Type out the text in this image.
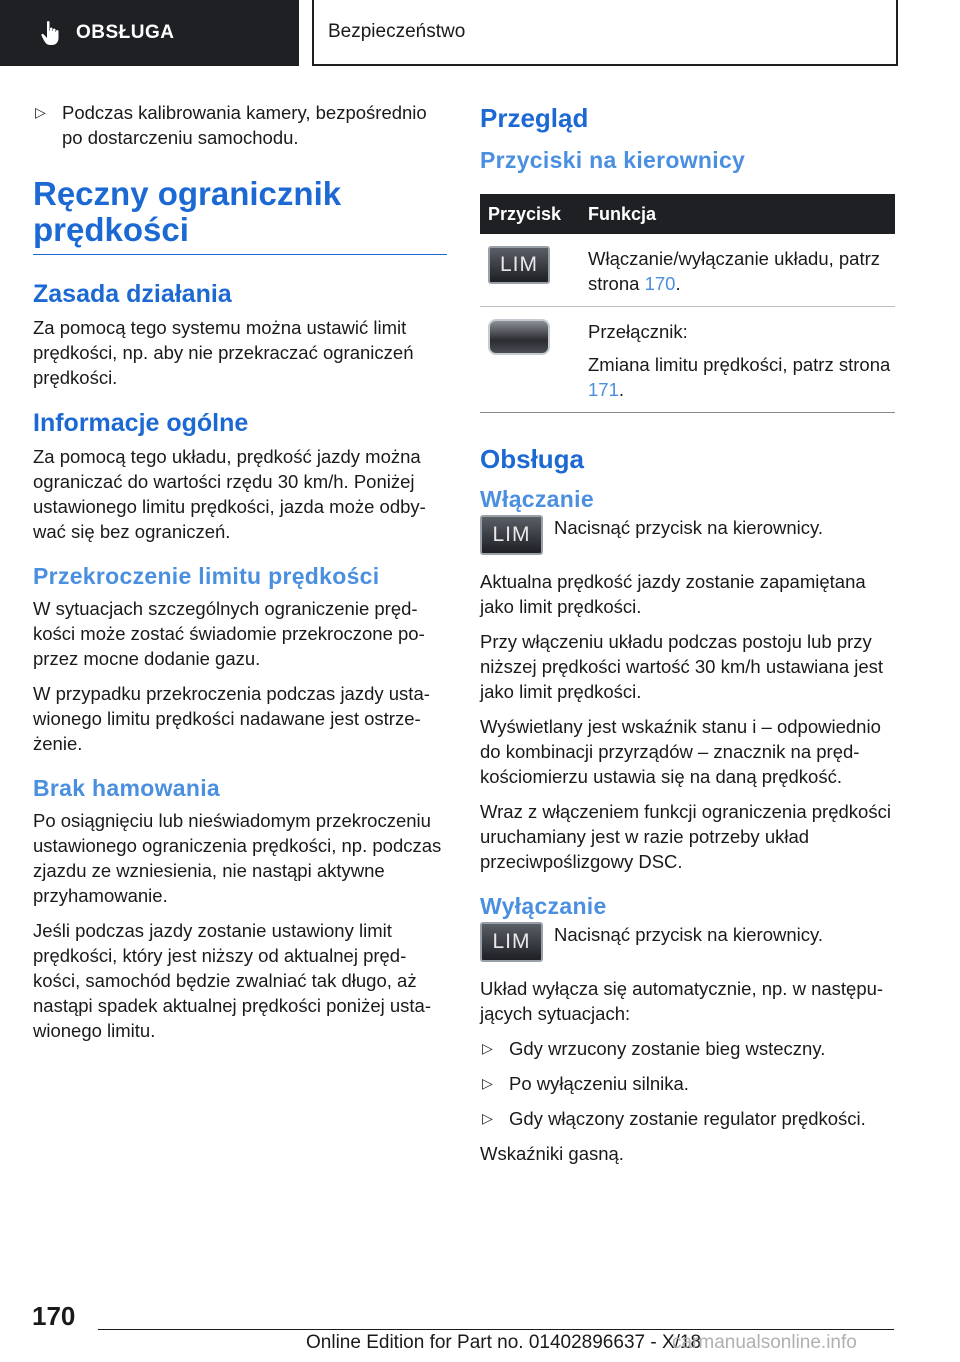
OBSŁUGA	Bezpieczeństwo
▷ Podczas kalibrowania kamery, bezpośrednio po dostarczeniu samochodu.
Ręczny ogranicznik prędkości
Zasada działania

Za pomocą tego systemu można ustawić limit prędkości, np. aby nie przekraczać ograniczeń prędkości.

Informacje ogólne

Za pomocą tego układu, prędkość jazdy można ograniczać do wartości rzędu 30 km/h. Poniżej ustawionego limitu prędkości, jazda może odbywać się bez ograniczeń.

Przekroczenie limitu prędkości

W sytuacjach szczególnych ograniczenie prędkości może zostać świadomie przekroczone poprzez mocne dodanie gazu.

W przypadku przekroczenia podczas jazdy ustawionego limitu prędkości nadawane jest ostrzeżenie.

Brak hamowania

Po osiągnięciu lub nieświadomym przekroczeniu ustawionego ograniczenia prędkości, np. podczas zjazdu ze wzniesienia, nie nastąpi aktywne przyhamowanie.

Jeśli podczas jazdy zostanie ustawiony limit prędkości, który jest niższy od aktualnej prędkości, samochód będzie zwalniać tak długo, aż nastąpi spadek aktualnej prędkości poniżej ustawionego limitu.

Przegląd
Przyciski na kierownicy
Przycisk	Funkcja
LIM	Włączanie/wyłączanie układu, patrz strona 170.

	Przełącznik:
Zmiana limitu prędkości, patrz strona 171.
Obsługa
Włączanie
LIM	Nacisnąć przycisk na kierownicy.

Aktualna prędkość jazdy zostanie zapamiętana jako limit prędkości.

Przy włączeniu układu podczas postoju lub przy niższej prędkości wartość 30 km/h ustawiana jest jako limit prędkości.

Wyświetlany jest wskaźnik stanu i – odpowiednio do kombinacji przyrządów – znacznik na prędkościomierzu ustawia się na daną prędkość.

Wraz z włączeniem funkcji ograniczenia prędkości uruchamiany jest w razie potrzeby układ przeciwpoślizgowy DSC.

Wyłączanie
LIM	Nacisnąć przycisk na kierownicy.

Układ wyłącza się automatycznie, np. w następujących sytuacjach:

▷ Gdy wrzucony zostanie bieg wsteczny.
▷ Po wyłączeniu silnika.
▷ Gdy włączony zostanie regulator prędkości.

Wskaźniki gasną.

170
Online Edition for Part no. 01402896637 - X/18
carmanualsonline.info
